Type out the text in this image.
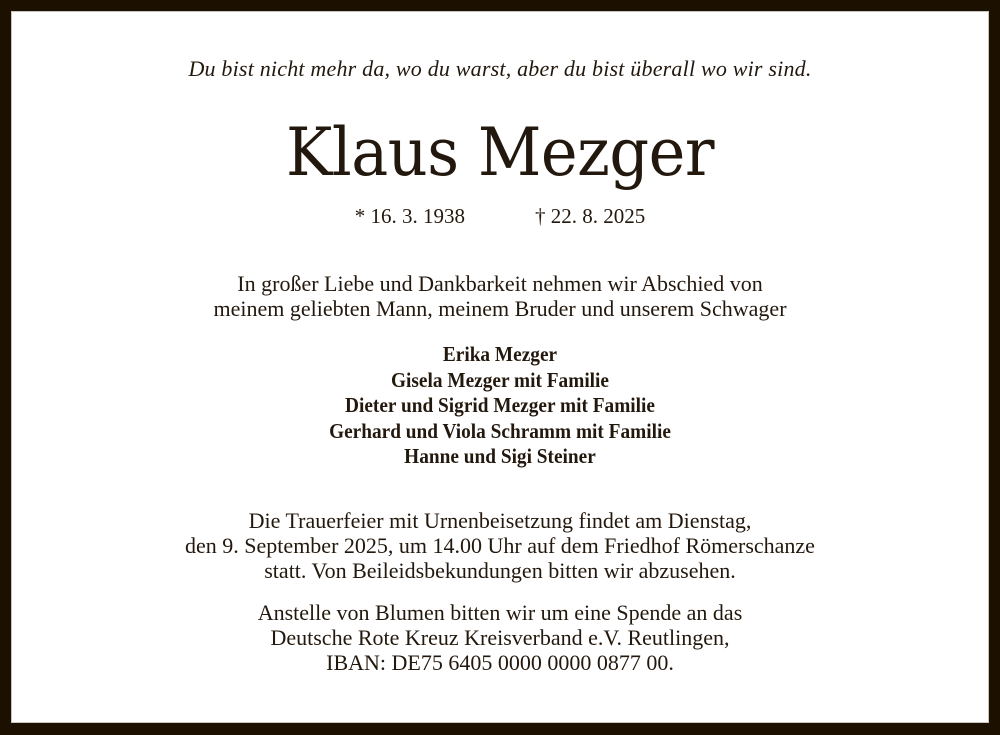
Du bist nicht mehr da, wo du warst, aber du bist überall wo wir sind.
Klaus Mezger
* 16. 3. 1938	† 22. 8. 2025
In großer Liebe und Dankbarkeit nehmen wir Abschied von
meinem geliebten Mann, meinem Bruder und unserem Schwager
Erika Mezger
Gisela Mezger mit Familie
Dieter und Sigrid Mezger mit Familie
Gerhard und Viola Schramm mit Familie
Hanne und Sigi Steiner
Die Trauerfeier mit Urnenbeisetzung findet am Dienstag,
den 9. September 2025, um 14.00 Uhr auf dem Friedhof Römerschanze
statt. Von Beileidsbekundungen bitten wir abzusehen.
Anstelle von Blumen bitten wir um eine Spende an das
Deutsche Rote Kreuz Kreisverband e.V. Reutlingen,
IBAN: DE75 6405 0000 0000 0877 00.
